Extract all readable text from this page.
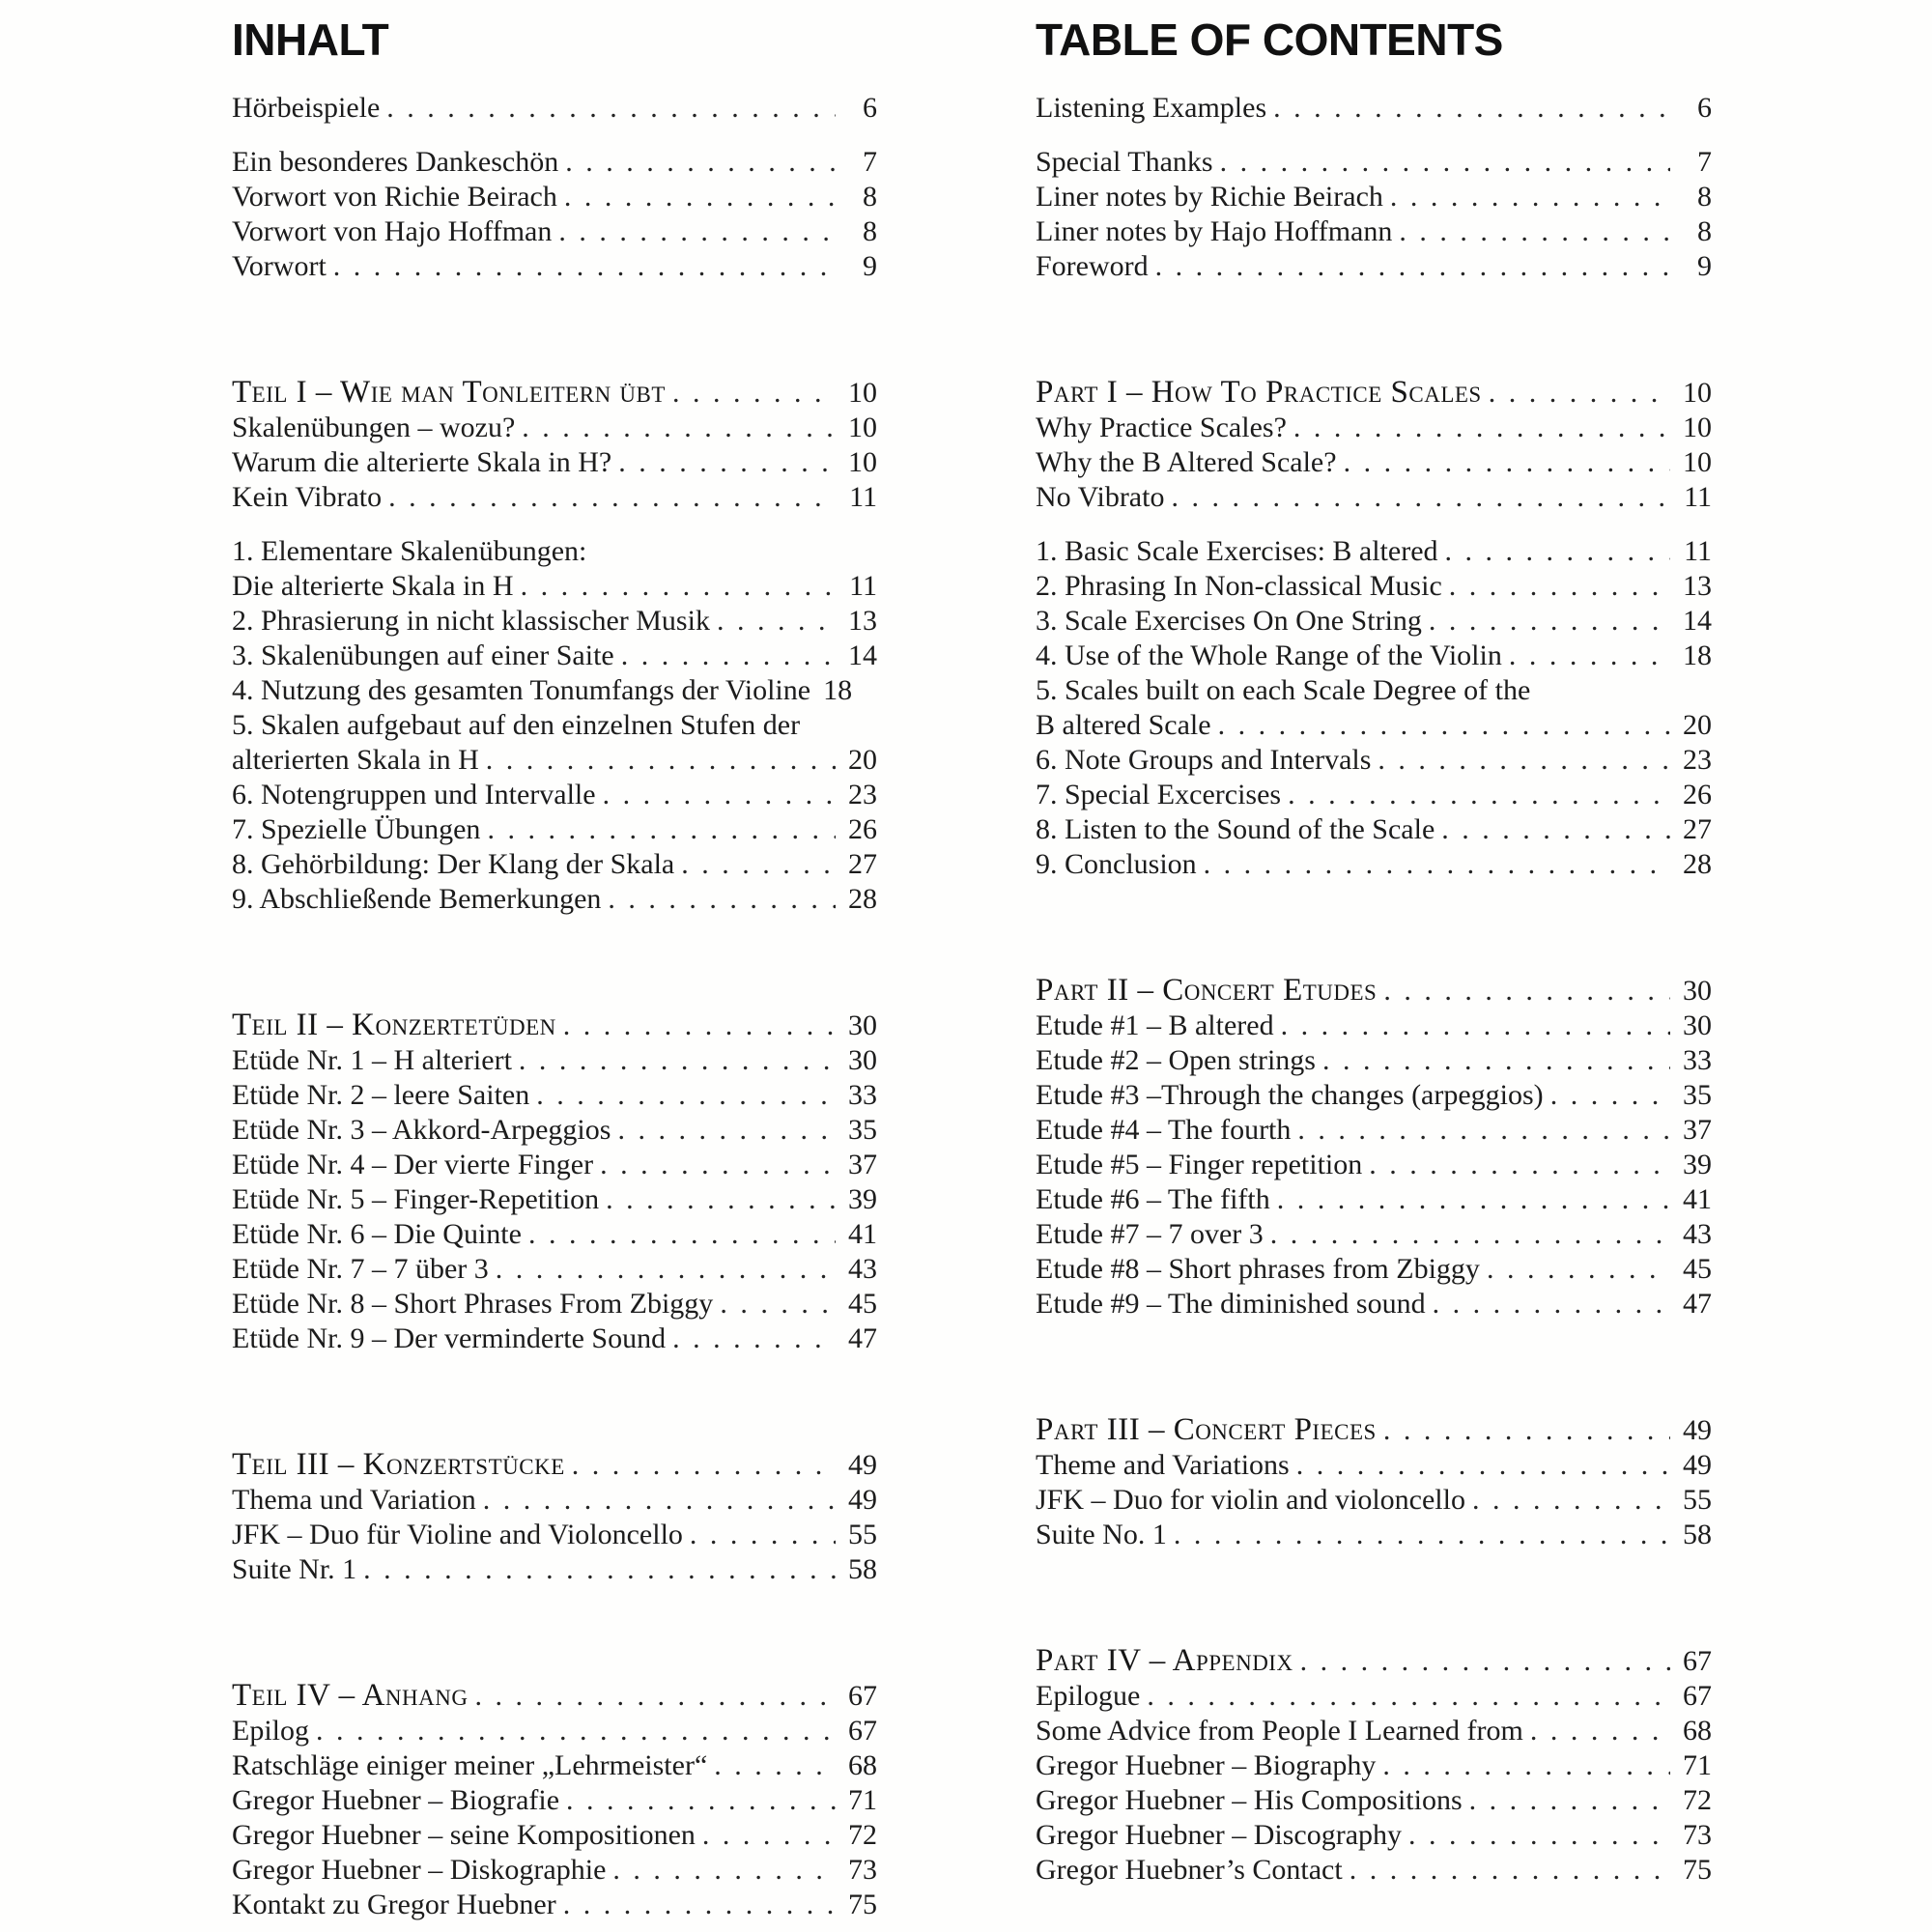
INHALT
Hörbeispiele . . .	6
Ein besonderes Dankeschön . . .	7
Vorwort von Richie Beirach . . .	8
Vorwort von Hajo Hoffman . . .	8
Vorwort . . .	9
Teil I – Wie man Tonleitern übt . . .	10
Skalenübungen – wozu? . . .	10
Warum die alterierte Skala in H? . . .	10
Kein Vibrato . . .	11
1. Elementare Skalenübungen:
Die alterierte Skala in H . . .	11
2. Phrasierung in nicht klassischer Musik . . .	13
3. Skalenübungen auf einer Saite . . .	14
4. Nutzung des gesamten Tonumfangs der Violine 18
5. Skalen aufgebaut auf den einzelnen Stufen der
alterierten Skala in H . . .	20
6. Notengruppen und Intervalle . . .	23
7. Spezielle Übungen . . .	26
8. Gehörbildung: Der Klang der Skala . . .	27
9. Abschließende Bemerkungen . . .	28
Teil II – Konzertetüden . . .	30
Etüde Nr. 1 – H alteriert . . .	30
Etüde Nr. 2 – leere Saiten . . .	33
Etüde Nr. 3 – Akkord-Arpeggios . . .	35
Etüde Nr. 4 – Der vierte Finger . . .	37
Etüde Nr. 5 – Finger-Repetition . . .	39
Etüde Nr. 6 – Die Quinte . . .	41
Etüde Nr. 7 – 7 über 3 . . .	43
Etüde Nr. 8 – Short Phrases From Zbiggy . . .	45
Etüde Nr. 9 – Der verminderte Sound . . .	47
Teil III – Konzertstücke . . .	49
Thema und Variation . . .	49
JFK – Duo für Violine and Violoncello . . .	55
Suite Nr. 1 . . .	58
Teil IV – Anhang . . .	67
Epilog . . .	67
Ratschläge einiger meiner „Lehrmeister“ . . .	68
Gregor Huebner – Biografie . . .	71
Gregor Huebner – seine Kompositionen . . .	72
Gregor Huebner – Diskographie . . .	73
Kontakt zu Gregor Huebner . . .	75
TABLE OF CONTENTS
Listening Examples . . .	6
Special Thanks . . .	7
Liner notes by Richie Beirach . . .	8
Liner notes by Hajo Hoffmann . . .	8
Foreword . . .	9
Part I – How To Practice Scales . . .	10
Why Practice Scales? . . .	10
Why the B Altered Scale? . . .	10
No Vibrato . . .	11
1. Basic Scale Exercises: B altered . . .	11
2. Phrasing In Non-classical Music . . .	13
3. Scale Exercises On One String . . .	14
4. Use of the Whole Range of the Violin . . .	18
5. Scales built on each Scale Degree of the
B altered Scale . . .	20
6. Note Groups and Intervals . . .	23
7. Special Excercises . . .	26
8. Listen to the Sound of the Scale . . .	27
9. Conclusion . . .	28
Part II – Concert Etudes . . .	30
Etude #1 – B altered . . .	30
Etude #2 – Open strings . . .	33
Etude #3 –Through the changes (arpeggios) . . .	35
Etude #4 – The fourth . . .	37
Etude #5 – Finger repetition . . .	39
Etude #6 – The fifth . . .	41
Etude #7 – 7 over 3 . . .	43
Etude #8 – Short phrases from Zbiggy . . .	45
Etude #9 – The diminished sound . . .	47
Part III – Concert Pieces . . .	49
Theme and Variations . . .	49
JFK – Duo for violin and violoncello . . .	55
Suite No. 1 . . .	58
Part IV – Appendix . . .	67
Epilogue . . .	67
Some Advice from People I Learned from . . .	68
Gregor Huebner – Biography . . .	71
Gregor Huebner – His Compositions . . .	72
Gregor Huebner – Discography . . .	73
Gregor Huebner’s Contact . . .	75
